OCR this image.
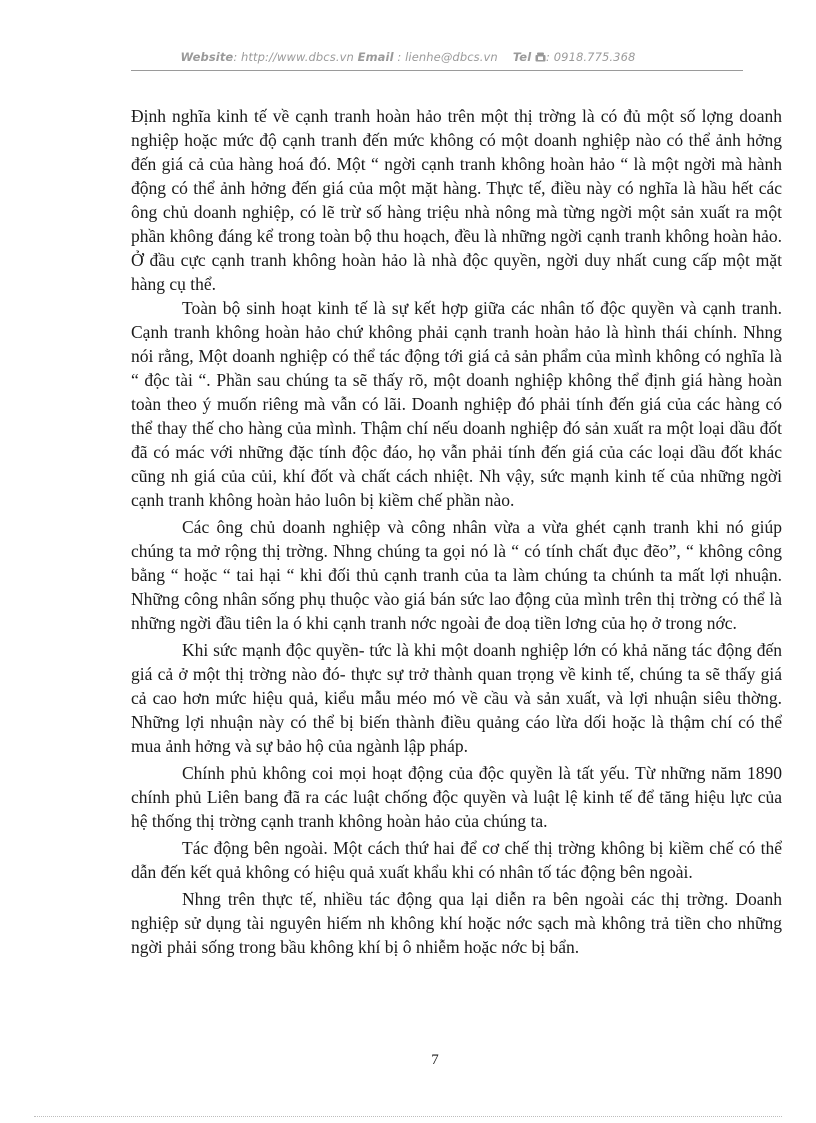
Website: http://www.dbcs.vn Email : lienhe@dbcs.vn    Tel : 0918.775.368

Định nghĩa kinh tế về cạnh tranh hoàn hảo trên một thị trờng là có đủ một số lợng doanh nghiệp hoặc mức độ cạnh tranh đến mức không có một doanh nghiệp nào có thể ảnh hởng đến giá cả của hàng hoá đó. Một “ ngời cạnh tranh không hoàn hảo “ là một ngời mà hành động có thể ảnh hởng đến giá của một mặt hàng. Thực tế, điều này có nghĩa là hầu hết các ông chủ doanh nghiệp, có lẽ trừ số hàng triệu nhà nông mà từng ngời một sản xuất ra một phần không đáng kể trong toàn bộ thu hoạch, đều là những ngời cạnh tranh không hoàn hảo. Ở đầu cực cạnh tranh không hoàn hảo là nhà độc quyền, ngời duy nhất cung cấp một mặt hàng cụ thể.

Toàn bộ sinh hoạt kinh tế là sự kết hợp giữa các nhân tố độc quyền và cạnh tranh. Cạnh tranh không hoàn hảo chứ không phải cạnh tranh hoàn hảo là hình thái chính. Nhng nói rằng, Một doanh nghiệp có thể tác động tới giá cả sản phẩm của mình không có nghĩa là “ độc tài “. Phần sau chúng ta sẽ thấy rõ, một doanh nghiệp không thể định giá hàng hoàn toàn theo ý muốn riêng mà vẫn có lãi. Doanh nghiệp đó phải tính đến giá của các hàng có thể thay thế cho hàng của mình. Thậm chí nếu doanh nghiệp đó sản xuất ra một loại dầu đốt đã có mác với những đặc tính độc đáo, họ vẫn phải tính đến giá của các loại dầu đốt khác cũng nh giá của củi, khí đốt và chất cách nhiệt. Nh vậy, sức mạnh kinh tế của những ngời cạnh tranh không hoàn hảo luôn bị kiềm chế phần nào.

Các ông chủ doanh nghiệp và công nhân vừa a vừa ghét cạnh tranh khi nó giúp chúng ta mở rộng thị trờng. Nhng chúng ta gọi nó là “ có tính chất đục đẽo”, “ không công bằng “ hoặc “ tai hại “ khi đối thủ cạnh tranh của ta làm chúng ta chúnh ta mất lợi nhuận. Những công nhân sống phụ thuộc vào giá bán sức lao động của mình trên thị trờng có thể là những ngời đầu tiên la ó khi cạnh tranh nớc ngoài đe doạ tiền lơng của họ ở trong nớc.

Khi sức mạnh độc quyền- tức là khi một doanh nghiệp lớn có khả năng tác động đến giá cả ở một thị trờng nào đó- thực sự trở thành quan trọng về kinh tế, chúng ta sẽ thấy giá cả cao hơn mức hiệu quả, kiểu mẫu méo mó về cầu và sản xuất, và lợi nhuận siêu thờng. Những lợi nhuận này có thể bị biến thành điều quảng cáo lừa dối hoặc là thậm chí có thể mua ảnh hởng và sự bảo hộ của ngành lập pháp.

Chính phủ không coi mọi hoạt động của độc quyền là tất yếu. Từ những năm 1890 chính phủ Liên bang đã ra các luật chống độc quyền và luật lệ kinh tế để tăng hiệu lực của hệ thống thị trờng cạnh tranh không hoàn hảo của chúng ta.

Tác động bên ngoài. Một cách thứ hai để cơ chế thị trờng không bị kiềm chế có thể dẫn đến kết quả không có hiệu quả xuất khẩu khi có nhân tố tác động bên ngoài.

Nhng trên thực tế, nhiều tác động qua lại diễn ra bên ngoài các thị trờng. Doanh nghiệp sử dụng tài nguyên hiếm nh không khí hoặc nớc sạch mà không trả tiền cho những ngời phải sống trong bầu không khí bị ô nhiễm hoặc nớc bị bẩn.

7
